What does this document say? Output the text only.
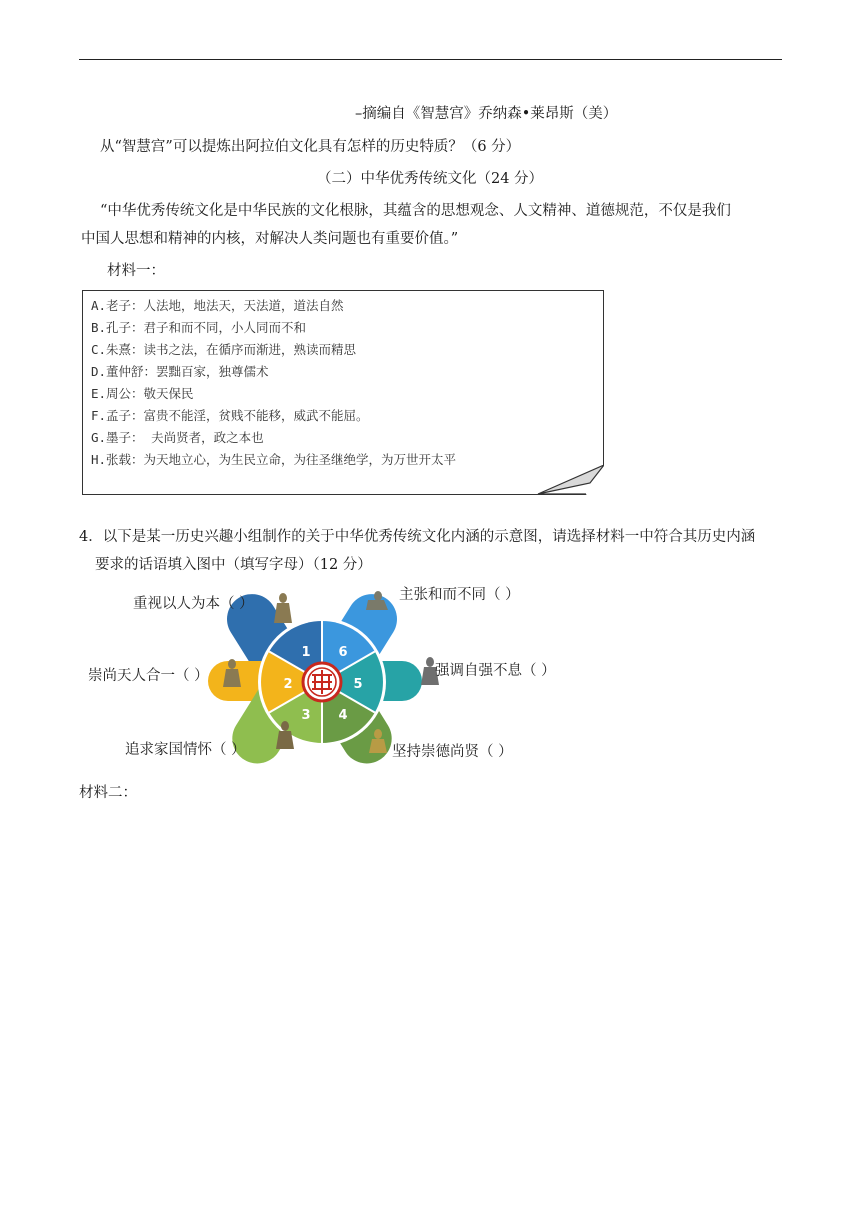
–摘编自《智慧宫》乔纳森•莱昂斯（美）
从“智慧宫”可以提炼出阿拉伯文化具有怎样的历史特质？（6 分）
（二）中华优秀传统文化（24 分）
“中华优秀传统文化是中华民族的文化根脉，其蕴含的思想观念、人文精神、道德规范，不仅是我们
中国人思想和精神的内核，对解决人类问题也有重要价值。”
材料一：
A.老子：人法地，地法天，天法道，道法自然
B.孔子：君子和而不同，小人同而不和
C.朱熹：读书之法，在循序而渐进，熟读而精思
D.董仲舒：罢黜百家，独尊儒术
E.周公：敬天保民
F.孟子：富贵不能淫，贫贱不能移，威武不能屈。
G.墨子： 夫尚贤者，政之本也
H.张载：为天地立心，为生民立命，为往圣继绝学，为万世开太平
4．以下是某一历史兴趣小组制作的关于中华优秀传统文化内涵的示意图，请选择材料一中符合其历史内涵
要求的话语填入图中（填写字母）（12 分）
1
2
3 4
5
6
重视以人为本（ ）
崇尚天人合一（ ）
追求家国情怀（ ）	坚持崇德尚贤（ ）
强调自强不息（ ）
主张和而不同（ ）
材料二：
